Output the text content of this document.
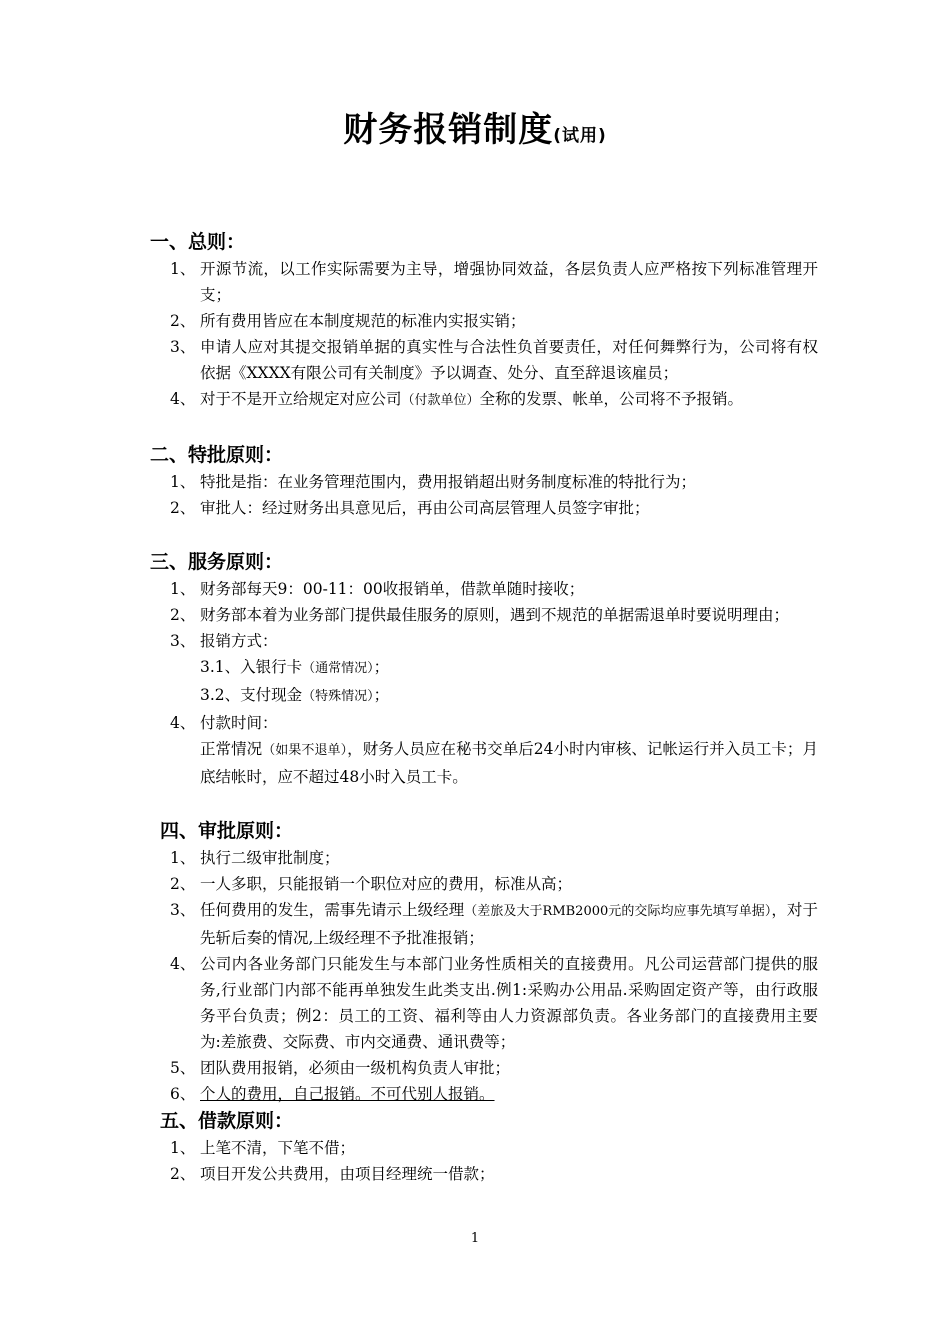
财务报销制度(试用)
一、总则：
1、 开源节流，以工作实际需要为主导，增强协同效益，各层负责人应严格按下列标准管理开支；
2、 所有费用皆应在本制度规范的标准内实报实销；
3、 申请人应对其提交报销单据的真实性与合法性负首要责任，对任何舞弊行为，公司将有权依据《XXXX有限公司有关制度》予以调查、处分、直至辞退该雇员；
4、 对于不是开立给规定对应公司（付款单位）全称的发票、帐单，公司将不予报销。
二、特批原则：
1、 特批是指：在业务管理范围内，费用报销超出财务制度标准的特批行为；
2、 审批人：经过财务出具意见后，再由公司高层管理人员签字审批；
三、服务原则：
1、 财务部每天9：00-11：00收报销单，借款单随时接收；
2、 财务部本着为业务部门提供最佳服务的原则，遇到不规范的单据需退单时要说明理由；
3、 报销方式：
3.1、入银行卡（通常情况）；
3.2、支付现金（特殊情况）；
4、 付款时间：
正常情况（如果不退单），财务人员应在秘书交单后24小时内审核、记帐运行并入员工卡；月底结帐时，应不超过48小时入员工卡。
四、审批原则：
1、 执行二级审批制度；
2、 一人多职，只能报销一个职位对应的费用，标准从高；
3、 任何费用的发生，需事先请示上级经理（差旅及大于RMB2000元的交际均应事先填写单据），对于先斩后奏的情况,上级经理不予批准报销；
4、 公司内各业务部门只能发生与本部门业务性质相关的直接费用。凡公司运营部门提供的服务,行业部门内部不能再单独发生此类支出.例1:采购办公用品.采购固定资产等，由行政服务平台负责；例2：员工的工资、福利等由人力资源部负责。各业务部门的直接费用主要为:差旅费、交际费、市内交通费、通讯费等；
5、 团队费用报销，必须由一级机构负责人审批；
6、 个人的费用，自己报销。不可代别人报销。
五、借款原则：
1、 上笔不清，下笔不借；
2、 项目开发公共费用，由项目经理统一借款；
1
